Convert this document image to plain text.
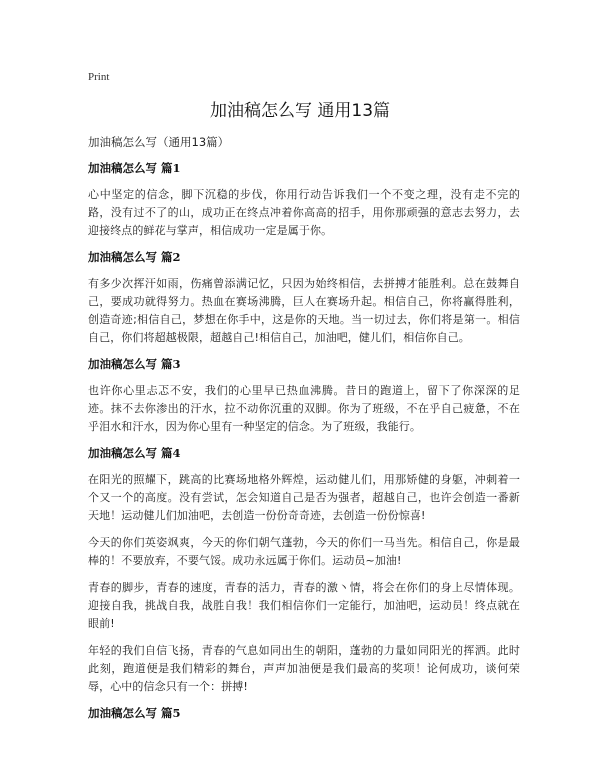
Print
加油稿怎么写 通用13篇
加油稿怎么写（通用13篇）
加油稿怎么写 篇1

心中坚定的信念，脚下沉稳的步伐，你用行动告诉我们一个不变之理，没有走不完的路，没有过不了的山，成功正在终点冲着你高高的招手，用你那顽强的意志去努力，去迎接终点的鲜花与掌声，相信成功一定是属于你。

加油稿怎么写 篇2

有多少次挥汗如雨，伤痛曾添满记忆，只因为始终相信，去拼搏才能胜利。总在鼓舞自己，要成功就得努力。热血在赛场沸腾，巨人在赛场升起。相信自己，你将赢得胜利，创造奇迹;相信自己，梦想在你手中，这是你的天地。当一切过去，你们将是第一。相信自己，你们将超越极限，超越自己!相信自己，加油吧，健儿们，相信你自己。

加油稿怎么写 篇3

也许你心里忐忑不安，我们的心里早已热血沸腾。昔日的跑道上，留下了你深深的足迹。抹不去你渗出的汗水，拉不动你沉重的双脚。你为了班级，不在乎自己疲惫，不在乎泪水和汗水，因为你心里有一种坚定的信念。为了班级，我能行。

加油稿怎么写 篇4

在阳光的照耀下，跳高的比赛场地格外辉煌，运动健儿们，用那矫健的身躯，冲刺着一个又一个的高度。没有尝试，怎会知道自己是否为强者，超越自己，也许会创造一番新天地！运动健儿们加油吧，去创造一份份奇奇迹，去创造一份份惊喜!

今天的你们英姿飒爽，今天的你们朝气蓬勃，今天的你们一马当先。相信自己，你是最棒的！不要放弃，不要气馁。成功永远属于你们。运动员~加油!

青春的脚步，青春的速度，青春的活力，青春的激丶情，将会在你们的身上尽情体现。迎接自我，挑战自我，战胜自我！我们相信你们一定能行，加油吧，运动员！终点就在眼前!

年轻的我们自信飞扬，青春的气息如同出生的朝阳，蓬勃的力量如同阳光的挥洒。此时此刻，跑道便是我们精彩的舞台，声声加油便是我们最高的奖项！论何成功，谈何荣辱，心中的信念只有一个：拼搏!

加油稿怎么写 篇5
